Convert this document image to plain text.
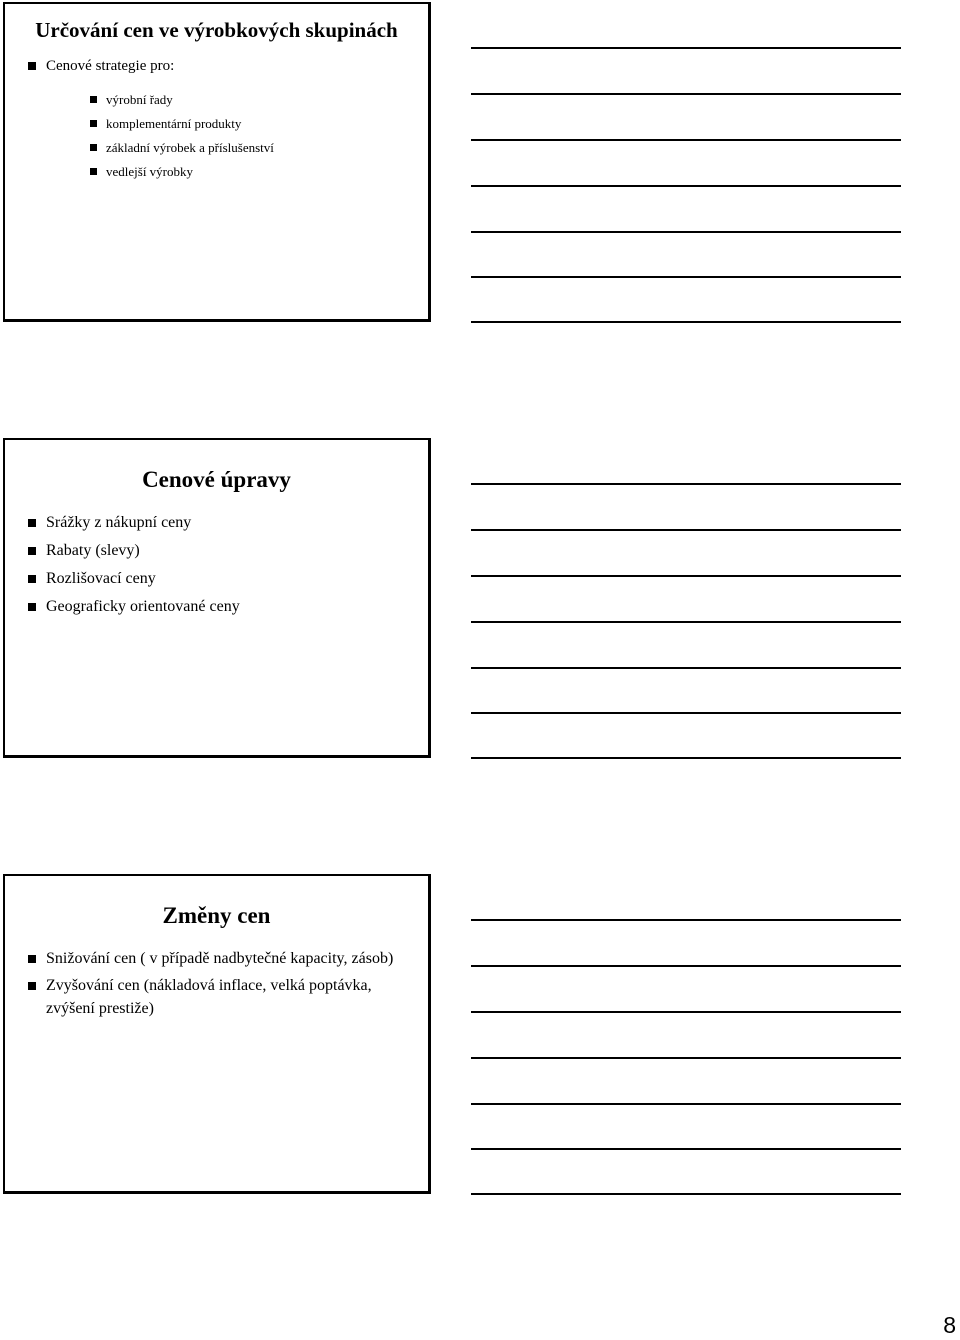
Určování cen ve výrobkových skupinách
Cenové strategie pro:
výrobní řady
komplementární produkty
základní výrobek a příslušenství
vedlejší výrobky
Cenové úpravy
Srážky z nákupní ceny
Rabaty (slevy)
Rozlišovací ceny
Geograficky orientované ceny
Změny cen
Snižování cen ( v případě nadbytečné kapacity, zásob)
Zvyšování cen (nákladová inflace, velká poptávka, zvýšení prestiže)

8
